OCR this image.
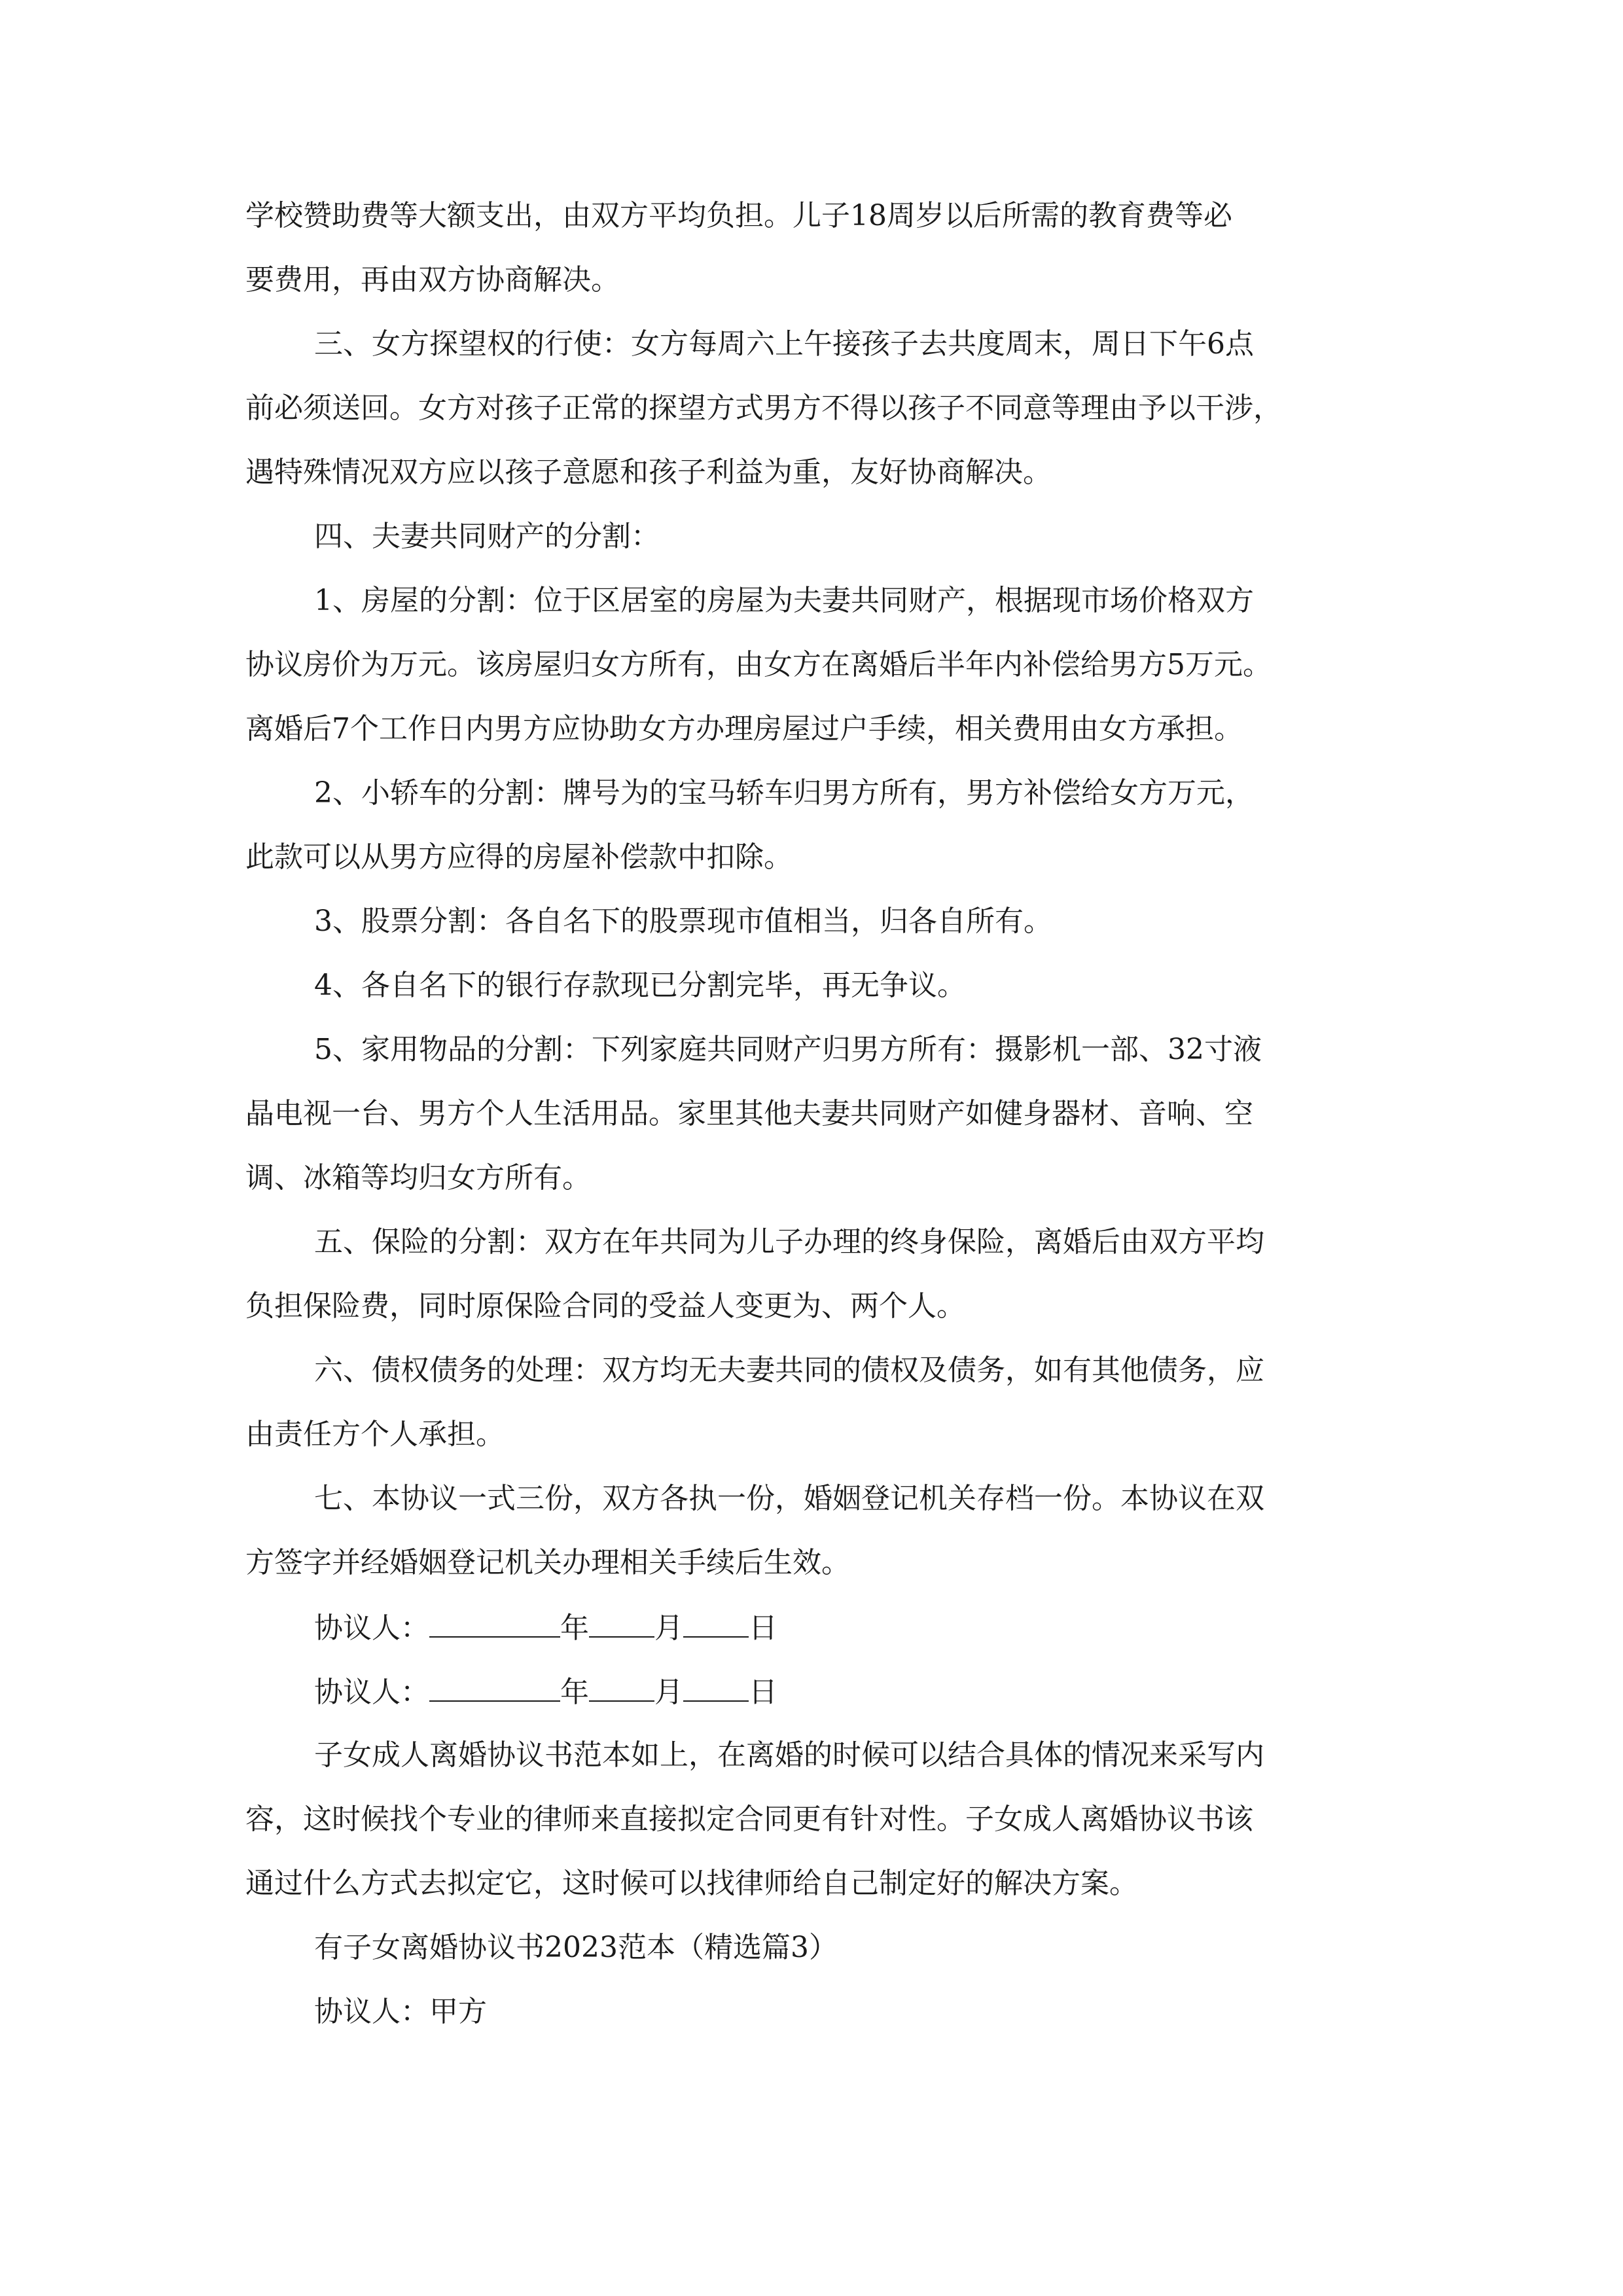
学校赞助费等大额支出，由双方平均负担。儿子18周岁以后所需的教育费等必
要费用，再由双方协商解决。
三、女方探望权的行使：女方每周六上午接孩子去共度周末，周日下午6点
前必须送回。女方对孩子正常的探望方式男方不得以孩子不同意等理由予以干涉，
遇特殊情况双方应以孩子意愿和孩子利益为重，友好协商解决。
四、夫妻共同财产的分割：
1、房屋的分割：位于区居室的房屋为夫妻共同财产，根据现市场价格双方
协议房价为万元。该房屋归女方所有，由女方在离婚后半年内补偿给男方5万元。
离婚后7个工作日内男方应协助女方办理房屋过户手续，相关费用由女方承担。
2、小轿车的分割：牌号为的宝马轿车归男方所有，男方补偿给女方万元，
此款可以从男方应得的房屋补偿款中扣除。
3、股票分割：各自名下的股票现市值相当，归各自所有。
4、各自名下的银行存款现已分割完毕，再无争议。
5、家用物品的分割：下列家庭共同财产归男方所有：摄影机一部、32寸液
晶电视一台、男方个人生活用品。家里其他夫妻共同财产如健身器材、音响、空
调、冰箱等均归女方所有。
五、保险的分割：双方在年共同为儿子办理的终身保险，离婚后由双方平均
负担保险费，同时原保险合同的受益人变更为、两个人。
六、债权债务的处理：双方均无夫妻共同的债权及债务，如有其他债务，应
由责任方个人承担。
七、本协议一式三份，双方各执一份，婚姻登记机关存档一份。本协议在双
方签字并经婚姻登记机关办理相关手续后生效。
协议人：	年 月 日
协议人：	年 月 日
子女成人离婚协议书范本如上，在离婚的时候可以结合具体的情况来采写内
容，这时候找个专业的律师来直接拟定合同更有针对性。子女成人离婚协议书该
通过什么方式去拟定它，这时候可以找律师给自己制定好的解决方案。
有子女离婚协议书2023范本（精选篇3）
协议人：甲方
